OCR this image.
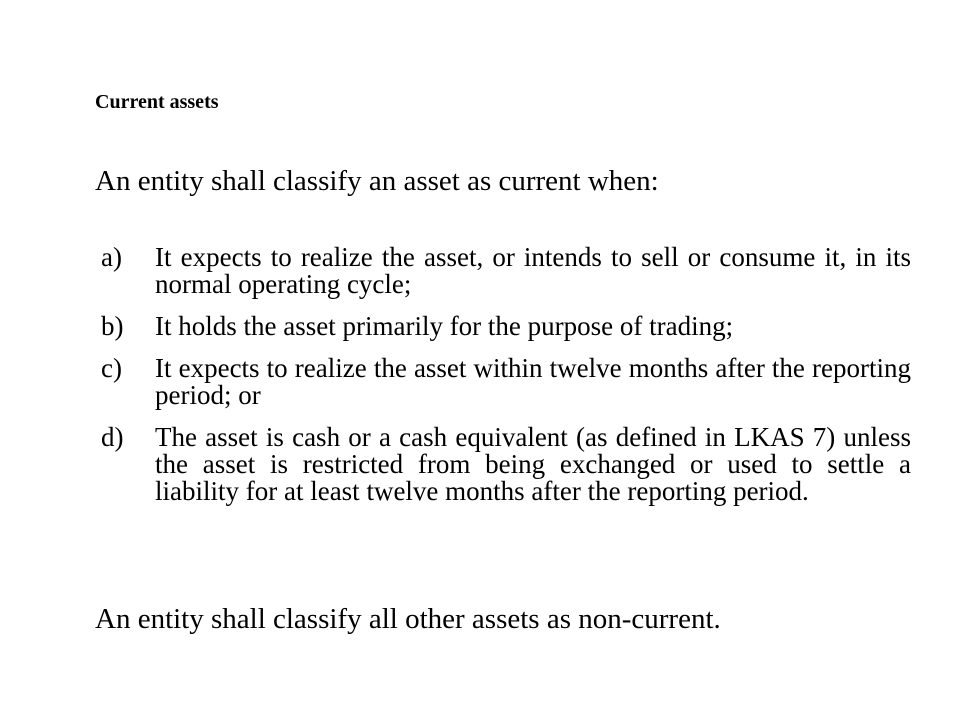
Current assets
An entity shall classify an asset as current when:
a) It expects to realize the asset, or intends to sell or consume it, in its normal operating cycle;
b) It holds the asset primarily for the purpose of trading;
c) It expects to realize the asset within twelve months after the reporting period; or
d) The asset is cash or a cash equivalent (as defined in LKAS 7) unless the asset is restricted from being exchanged or used to settle a liability for at least twelve months after the reporting period.
An entity shall classify all other assets as non-current.
